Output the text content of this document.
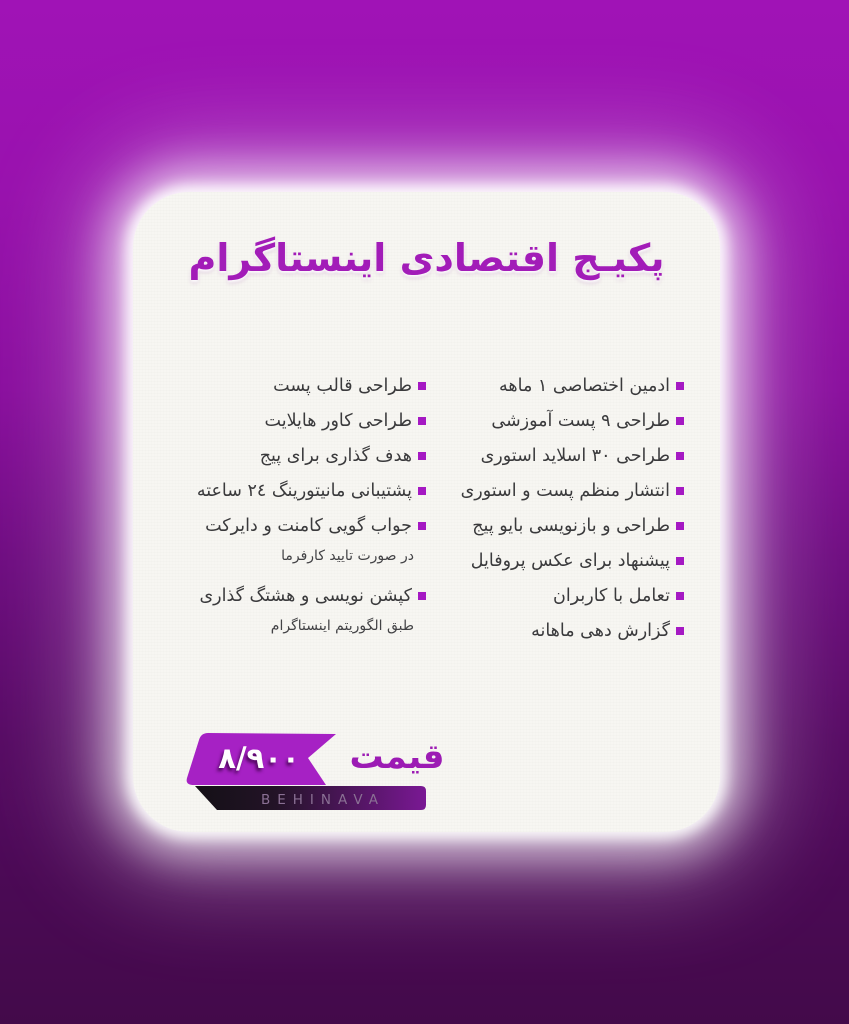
پکیـج اقتصادی اینستاگرام
ادمین اختصاصی ۱ ماهه
طراحی ۹ پست آموزشی
طراحی ۳۰ اسلاید استوری
انتشار منظم پست و استوری
طراحی و بازنویسی بایو پیج
پیشنهاد برای عکس پروفایل
تعامل با کاربران
گزارش دهی ماهانه
طراحی قالب پست
طراحی کاور هایلایت
هدف گذاری برای پیج
پشتیبانی مانیتورینگ ٢٤ ساعته
جواب گویی کامنت و دایرکت
در صورت تایید کارفرما
کپشن نویسی و هشتگ گذاری
طبق الگوریتم اینستاگرام
BEHINAVA
۸/۹۰۰	قیمت
